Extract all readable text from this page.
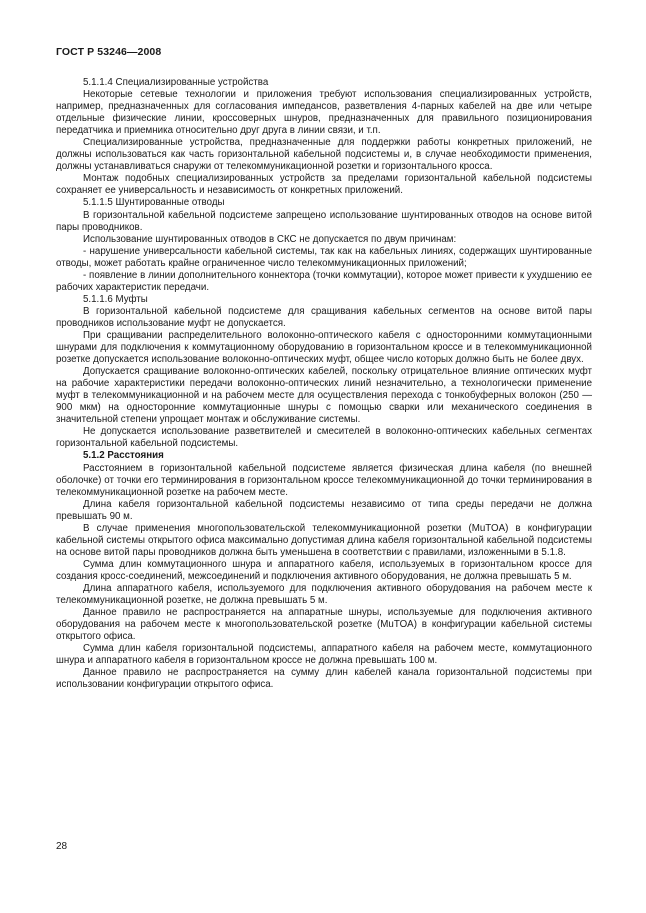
ГОСТ Р 53246—2008

5.1.1.4 Специализированные устройства

Некоторые сетевые технологии и приложения требуют использования специализированных устройств, например, предназначенных для согласования импедансов, разветвления 4-парных кабелей на две или четыре отдельные физические линии, кроссоверных шнуров, предназначенных для правильного позиционирования передатчика и приемника относительно друг друга в линии связи, и т.п.

Специализированные устройства, предназначенные для поддержки работы конкретных приложений, не должны использоваться как часть горизонтальной кабельной подсистемы и, в случае необходимости применения, должны устанавливаться снаружи от телекоммуникационной розетки и горизонтального кросса.

Монтаж подобных специализированных устройств за пределами горизонтальной кабельной подсистемы сохраняет ее универсальность и независимость от конкретных приложений.

5.1.1.5 Шунтированные отводы

В горизонтальной кабельной подсистеме запрещено использование шунтированных отводов на основе витой пары проводников.

Использование шунтированных отводов в СКС не допускается по двум причинам:

- нарушение универсальности кабельной системы, так как на кабельных линиях, содержащих шунтированные отводы, может работать крайне ограниченное число телекоммуникационных приложений;

- появление в линии дополнительного коннектора (точки коммутации), которое может привести к ухудшению ее рабочих характеристик передачи.

5.1.1.6 Муфты

В горизонтальной кабельной подсистеме для сращивания кабельных сегментов на основе витой пары проводников использование муфт не допускается.

При сращивании распределительного волоконно-оптического кабеля с односторонними коммутационными шнурами для подключения к коммутационному оборудованию в горизонтальном кроссе и в телекоммуникационной розетке допускается использование волоконно-оптических муфт, общее число которых должно быть не более двух.

Допускается сращивание волоконно-оптических кабелей, поскольку отрицательное влияние оптических муфт на рабочие характеристики передачи волоконно-оптических линий незначительно, а технологически применение муфт в телекоммуникационной и на рабочем месте для осуществления перехода с тонкобуферных волокон (250 — 900 мкм) на односторонние коммутационные шнуры с помощью сварки или механического соединения в значительной степени упрощает монтаж и обслуживание системы.

Не допускается использование разветвителей и смесителей в волоконно-оптических кабельных сегментах горизонтальной кабельной подсистемы.

5.1.2 Расстояния

Расстоянием в горизонтальной кабельной подсистеме является физическая длина кабеля (по внешней оболочке) от точки его терминирования в горизонтальном кроссе телекоммуникационной до точки терминирования в телекоммуникационной розетке на рабочем месте.

Длина кабеля горизонтальной кабельной подсистемы независимо от типа среды передачи не должна превышать 90 м.

В случае применения многопользовательской телекоммуникационной розетки (MuTOA) в конфигурации кабельной системы открытого офиса максимально допустимая длина кабеля горизонтальной кабельной подсистемы на основе витой пары проводников должна быть уменьшена в соответствии с правилами, изложенными в 5.1.8.

Сумма длин коммутационного шнура и аппаратного кабеля, используемых в горизонтальном кроссе для создания кросс-соединений, межсоединений и подключения активного оборудования, не должна превышать 5 м.

Длина аппаратного кабеля, используемого для подключения активного оборудования на рабочем месте к телекоммуникационной розетке, не должна превышать 5 м.

Данное правило не распространяется на аппаратные шнуры, используемые для подключения активного оборудования на рабочем месте к многопользовательской розетке (MuTOA) в конфигурации кабельной системы открытого офиса.

Сумма длин кабеля горизонтальной подсистемы, аппаратного кабеля на рабочем месте, коммутационного шнура и аппаратного кабеля в горизонтальном кроссе не должна превышать 100 м.

Данное правило не распространяется на сумму длин кабелей канала горизонтальной подсистемы при использовании конфигурации открытого офиса.

28
